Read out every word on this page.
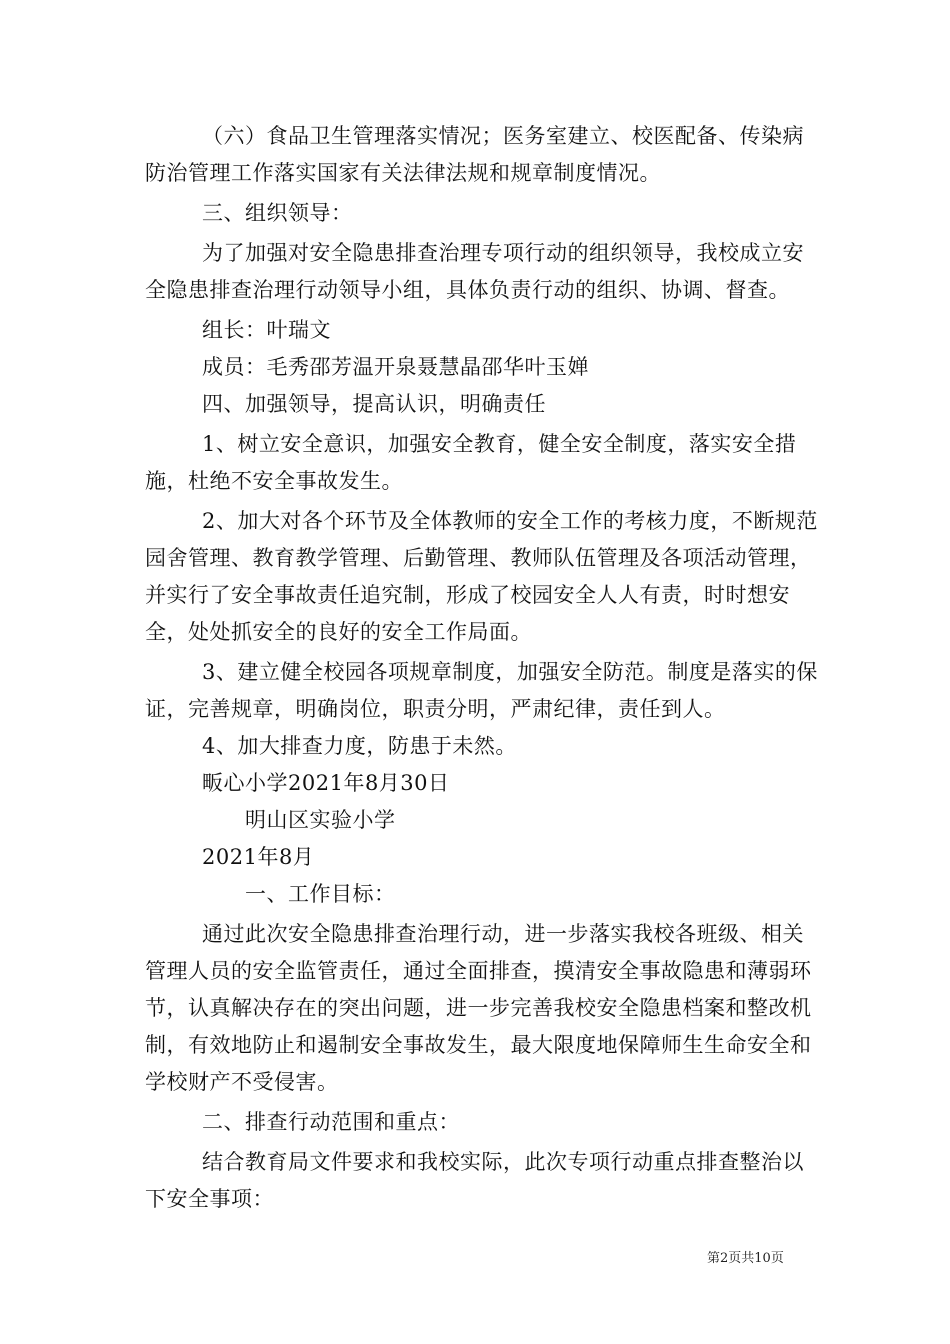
（六）食品卫生管理落实情况；医务室建立、校医配备、传染病防治管理工作落实国家有关法律法规和规章制度情况。

三、组织领导：

为了加强对安全隐患排查治理专项行动的组织领导，我校成立安全隐患排查治理行动领导小组，具体负责行动的组织、协调、督查。

组长：叶瑞文

成员：毛秀邵芳温开泉聂慧晶邵华叶玉婵

四、加强领导，提高认识，明确责任

1、树立安全意识，加强安全教育，健全安全制度，落实安全措施，杜绝不安全事故发生。

2、加大对各个环节及全体教师的安全工作的考核力度，不断规范园舍管理、教育教学管理、后勤管理、教师队伍管理及各项活动管理，并实行了安全事故责任追究制，形成了校园安全人人有责，时时想安全，处处抓安全的良好的安全工作局面。

3、建立健全校园各项规章制度，加强安全防范。制度是落实的保证，完善规章，明确岗位，职责分明，严肃纪律，责任到人。

4、加大排查力度，防患于未然。

畈心小学2021年8月30日

明山区实验小学

2021年8月

一、工作目标：

通过此次安全隐患排查治理行动，进一步落实我校各班级、相关管理人员的安全监管责任，通过全面排查，摸清安全事故隐患和薄弱环节，认真解决存在的突出问题，进一步完善我校安全隐患档案和整改机制，有效地防止和遏制安全事故发生，最大限度地保障师生生命安全和学校财产不受侵害。

二、排查行动范围和重点：

结合教育局文件要求和我校实际，此次专项行动重点排查整治以下安全事项：

第2页共10页
